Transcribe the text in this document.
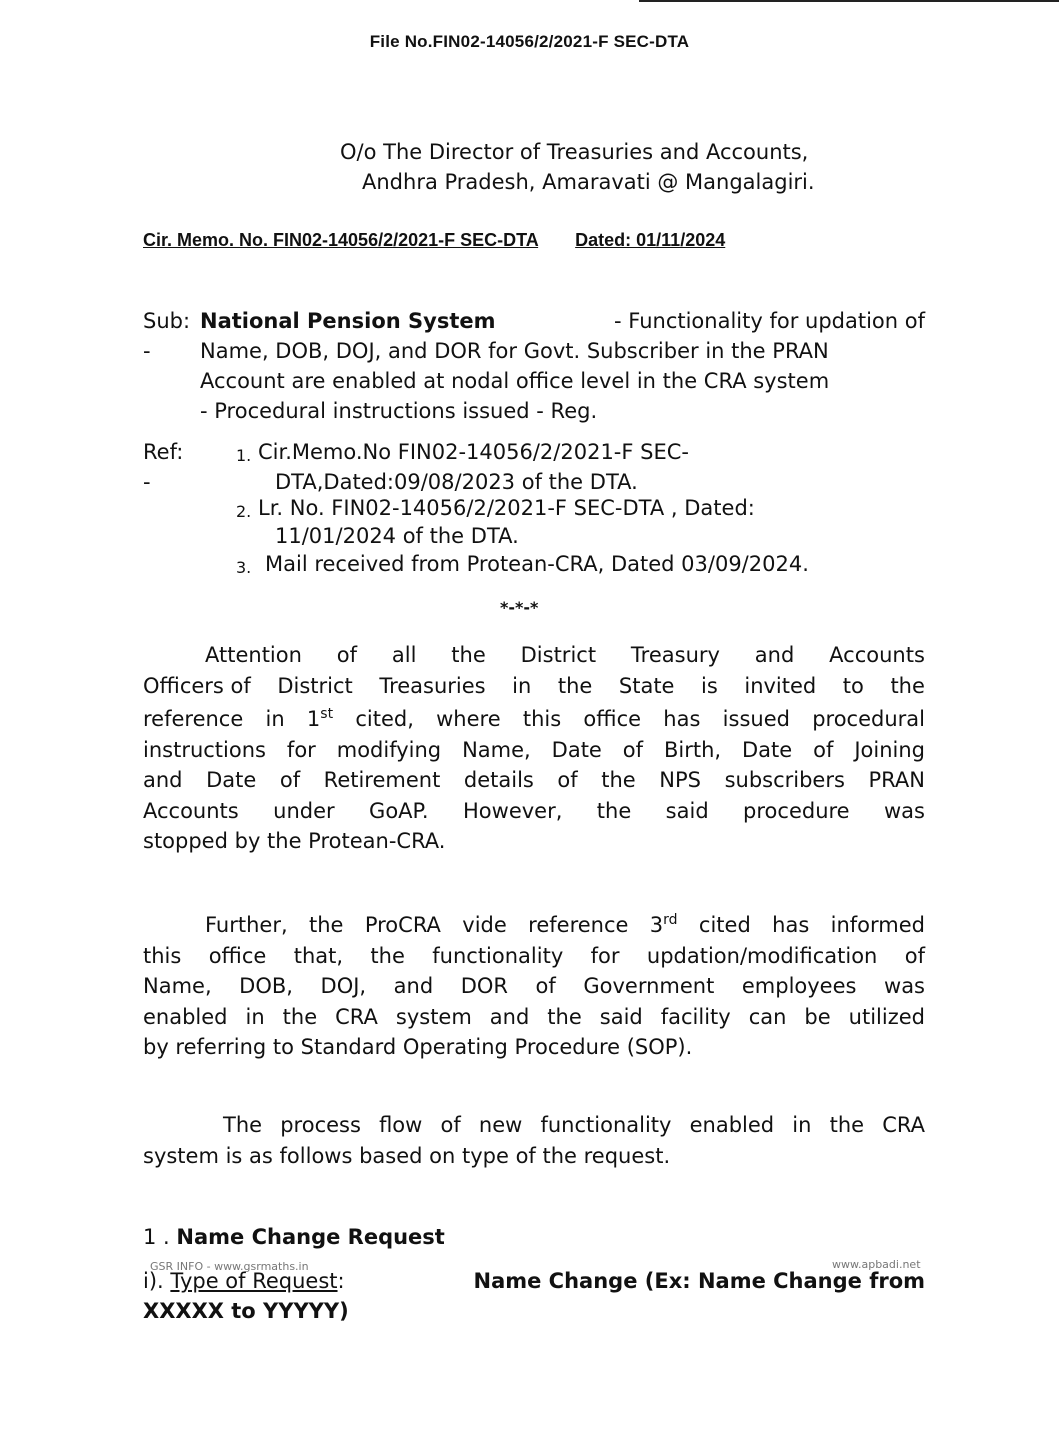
File No.FIN02-14056/2/2021-F SEC-DTA
O/o The Director of Treasuries and Accounts,
Andhra Pradesh, Amaravati @ Mangalagiri.
Cir. Memo. No. FIN02-14056/2/2021-F SEC-DTA Dated: 01/11/2024
Sub:
-
National Pension System	- Functionality for updation of
Name, DOB, DOJ, and DOR for Govt. Subscriber in the PRAN
Account are enabled at nodal office level in the CRA system
- Procedural instructions issued - Reg.
Ref:
-
1. Cir.Memo.No FIN02-14056/2/2021-F SEC-
DTA,Dated:09/08/2023 of the DTA.
2. Lr. No. FIN02-14056/2/2021-F SEC-DTA , Dated:
11/01/2024 of the DTA.
3. Mail received from Protean-CRA, Dated 03/09/2024.
*-*-*
Attention of all the District Treasury and Accounts
Officers of District Treasuries in the State is invited to the
reference in 1st cited, where this office has issued procedural
instructions for modifying Name, Date of Birth, Date of Joining
and Date of Retirement details of the NPS subscribers PRAN
Accounts under GoAP. However, the said procedure was
stopped by the Protean-CRA.
Further, the ProCRA vide reference 3rd cited has informed
this office that, the functionality for updation/modification of
Name, DOB, DOJ, and DOR of Government employees was
enabled in the CRA system and the said facility can be utilized
by referring to Standard Operating Procedure (SOP).
The process flow of new functionality enabled in the CRA
system is as follows based on type of the request.
1 . Name Change Request
i). Type of Request:	Name Change (Ex: Name Change from
XXXXX to YYYYY)
GSR INFO - www.gsrmaths.in	www.apbadi.net
